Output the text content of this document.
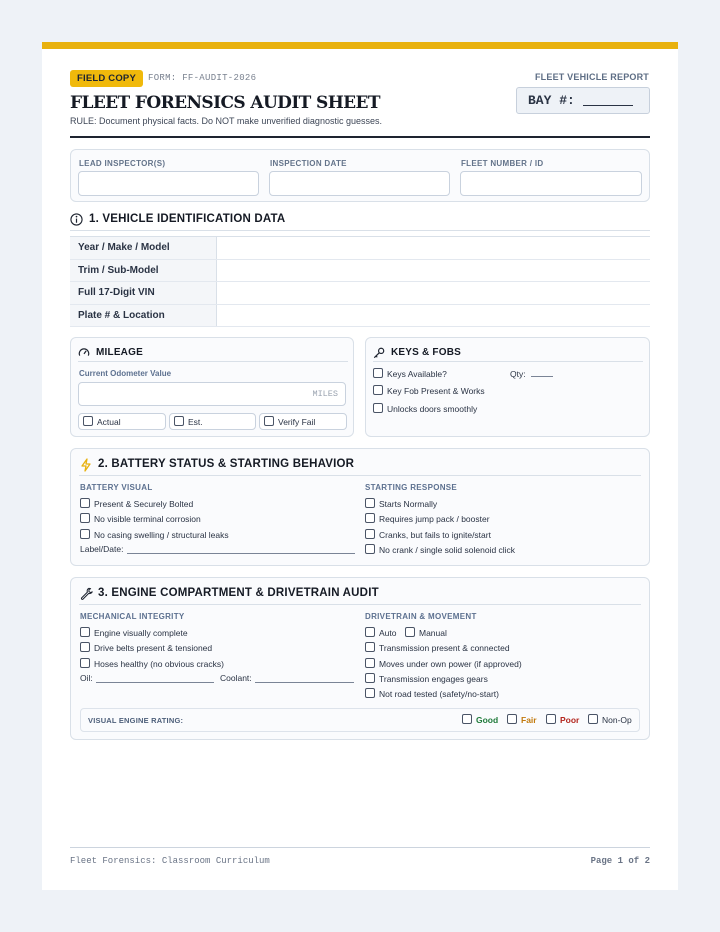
FIELD COPY	FORM: FF-AUDIT-2026	FLEET VEHICLE REPORT
BAY #:
FLEET FORENSICS AUDIT SHEET
RULE: Document physical facts. Do NOT make unverified diagnostic guesses.
LEAD INSPECTOR(S)	INSPECTION DATE	FLEET NUMBER / ID
1. VEHICLE IDENTIFICATION DATA
Year / Make / Model	
Trim / Sub-Model	
Full 17-Digit VIN	
Plate # & Location	
MILEAGE
Current Odometer Value
MILES
Actual	Est.	Verify Fail
KEYS & FOBS
Keys Available?	Qty:
Key Fob Present & Works
Unlocks doors smoothly
2. BATTERY STATUS & STARTING BEHAVIOR
BATTERY VISUAL
Present & Securely Bolted
No visible terminal corrosion
No casing swelling / structural leaks
Label/Date:
STARTING RESPONSE
Starts Normally
Requires jump pack / booster
Cranks, but fails to ignite/start
No crank / single solid solenoid click
3. ENGINE COMPARTMENT & DRIVETRAIN AUDIT
MECHANICAL INTEGRITY
Engine visually complete
Drive belts present & tensioned
Hoses healthy (no obvious cracks)
Oil:	Coolant:
DRIVETRAIN & MOVEMENT
Auto	Manual
Transmission present & connected
Moves under own power (if approved)
Transmission engages gears
Not road tested (safety/no-start)
VISUAL ENGINE RATING:	Good	Fair	Poor	Non-Op
Fleet Forensics: Classroom Curriculum	Page 1 of 2
